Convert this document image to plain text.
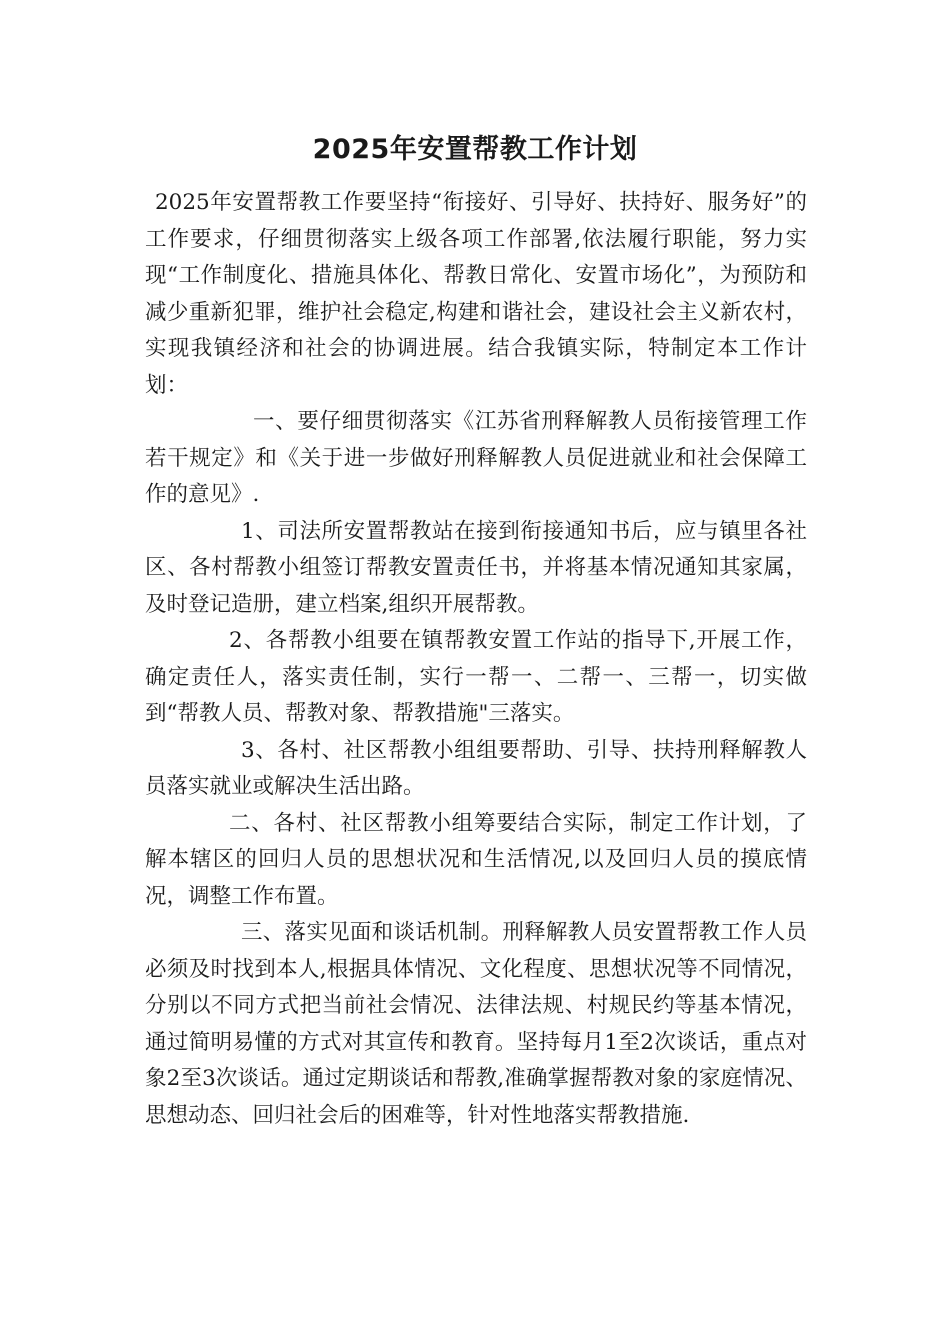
2025年安置帮教工作计划

2025年安置帮教工作要坚持“衔接好、引导好、扶持好、服务好”的工作要求，仔细贯彻落实上级各项工作部署,依法履行职能，努力实现“工作制度化、措施具体化、帮教日常化、安置市场化”，为预防和减少重新犯罪，维护社会稳定,构建和谐社会，建设社会主义新农村，实现我镇经济和社会的协调进展。结合我镇实际，特制定本工作计划：

一、要仔细贯彻落实《江苏省刑释解教人员衔接管理工作若干规定》和《关于进一步做好刑释解教人员促进就业和社会保障工作的意见》.

1、司法所安置帮教站在接到衔接通知书后，应与镇里各社区、各村帮教小组签订帮教安置责任书，并将基本情况通知其家属，及时登记造册，建立档案,组织开展帮教。

2、各帮教小组要在镇帮教安置工作站的指导下,开展工作，确定责任人，落实责任制，实行一帮一、二帮一、三帮一，切实做到“帮教人员、帮教对象、帮教措施"三落实。

3、各村、社区帮教小组组要帮助、引导、扶持刑释解教人员落实就业或解决生活出路。

二、各村、社区帮教小组筹要结合实际，制定工作计划，了解本辖区的回归人员的思想状况和生活情况,以及回归人员的摸底情况，调整工作布置。

三、落实见面和谈话机制。刑释解教人员安置帮教工作人员必须及时找到本人,根据具体情况、文化程度、思想状况等不同情况，分别以不同方式把当前社会情况、法律法规、村规民约等基本情况，通过简明易懂的方式对其宣传和教育。坚持每月1至2次谈话，重点对象2至3次谈话。通过定期谈话和帮教,准确掌握帮教对象的家庭情况、思想动态、回归社会后的困难等，针对性地落实帮教措施.
